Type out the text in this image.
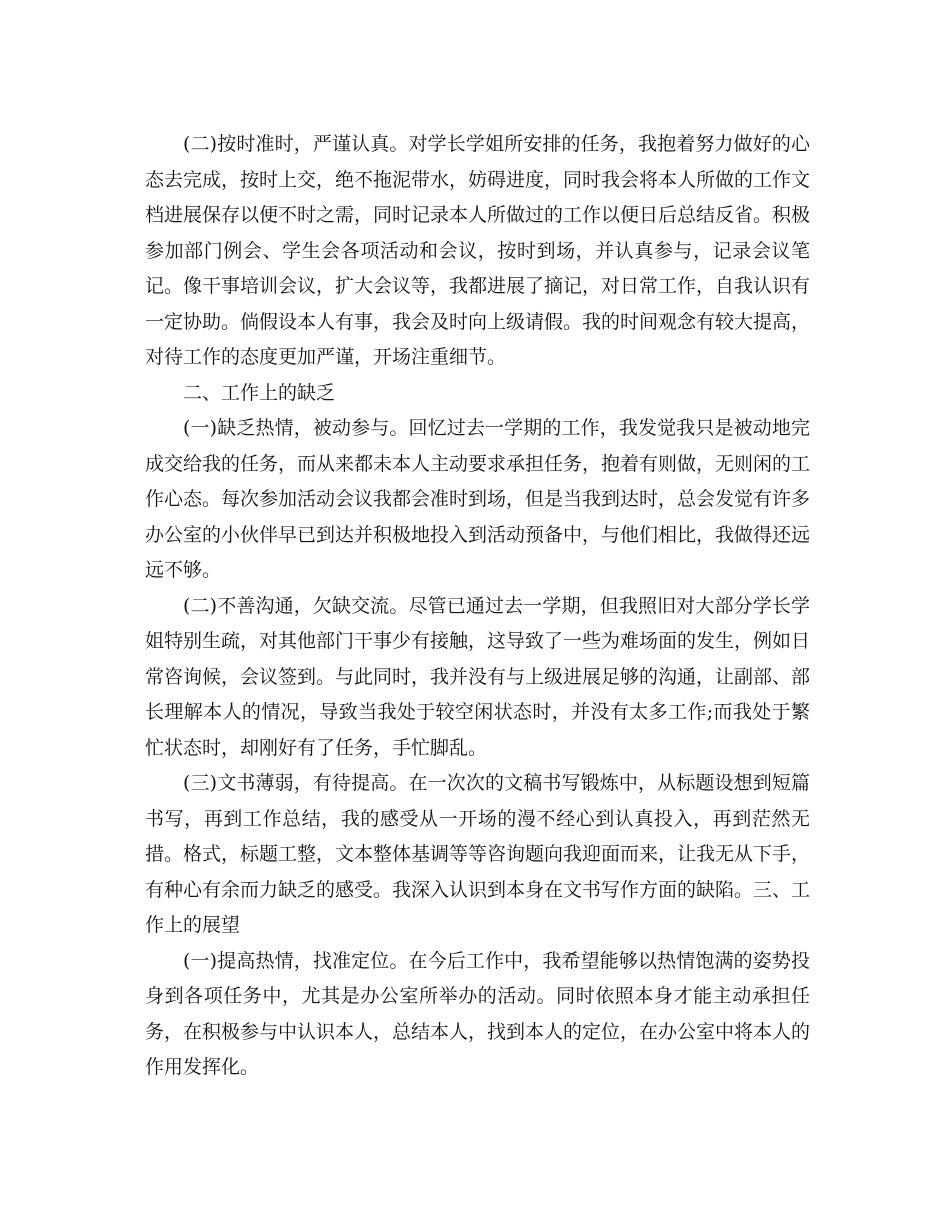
(二)按时准时，严谨认真。对学长学姐所安排的任务，我抱着努力做好的心态去完成，按时上交，绝不拖泥带水，妨碍进度，同时我会将本人所做的工作文档进展保存以便不时之需，同时记录本人所做过的工作以便日后总结反省。积极参加部门例会、学生会各项活动和会议，按时到场，并认真参与，记录会议笔记。像干事培训会议，扩大会议等，我都进展了摘记，对日常工作，自我认识有一定协助。倘假设本人有事，我会及时向上级请假。我的时间观念有较大提高，对待工作的态度更加严谨，开场注重细节。

二、工作上的缺乏

(一)缺乏热情，被动参与。回忆过去一学期的工作，我发觉我只是被动地完成交给我的任务，而从来都未本人主动要求承担任务，抱着有则做，无则闲的工作心态。每次参加活动会议我都会准时到场，但是当我到达时，总会发觉有许多办公室的小伙伴早已到达并积极地投入到活动预备中，与他们相比，我做得还远远不够。

(二)不善沟通，欠缺交流。尽管已通过去一学期，但我照旧对大部分学长学姐特别生疏，对其他部门干事少有接触，这导致了一些为难场面的发生，例如日常咨询候，会议签到。与此同时，我并没有与上级进展足够的沟通，让副部、部长理解本人的情况，导致当我处于较空闲状态时，并没有太多工作;而我处于繁忙状态时，却刚好有了任务，手忙脚乱。

(三)文书薄弱，有待提高。在一次次的文稿书写锻炼中，从标题设想到短篇书写，再到工作总结，我的感受从一开场的漫不经心到认真投入，再到茫然无措。格式，标题工整，文本整体基调等等咨询题向我迎面而来，让我无从下手，有种心有余而力缺乏的感受。我深入认识到本身在文书写作方面的缺陷。三、工作上的展望

(一)提高热情，找准定位。在今后工作中，我希望能够以热情饱满的姿势投身到各项任务中，尤其是办公室所举办的活动。同时依照本身才能主动承担任务，在积极参与中认识本人，总结本人，找到本人的定位，在办公室中将本人的作用发挥化。
